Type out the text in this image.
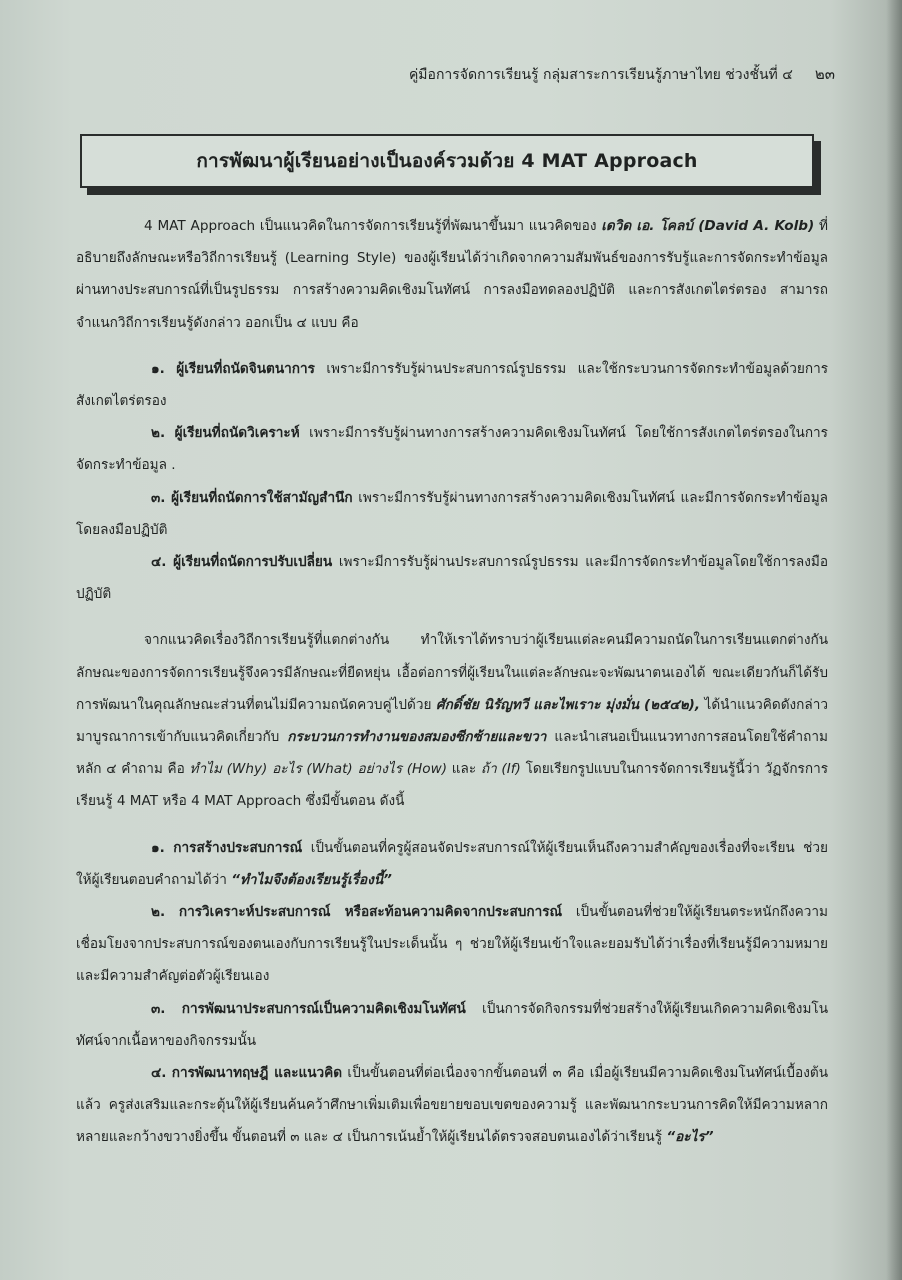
คู่มือการจัดการเรียนรู้ กลุ่มสาระการเรียนรู้ภาษาไทย ช่วงชั้นที่ ๔ ๒๓
การพัฒนาผู้เรียนอย่างเป็นองค์รวมด้วย 4 MAT Approach

4 MAT Approach เป็นแนวคิดในการจัดการเรียนรู้ที่พัฒนาขึ้นมา แนวคิดของ เดวิด เอ. โคลบ์ (David A. Kolb) ที่อธิบายถึงลักษณะหรือวิถีการเรียนรู้ (Learning Style) ของผู้เรียนได้ว่าเกิดจากความสัมพันธ์ของการรับรู้และการจัดกระทำข้อมูลผ่านทางประสบการณ์ที่เป็นรูปธรรม การสร้างความคิดเชิงมโนทัศน์ การลงมือทดลองปฏิบัติ และการสังเกตไตร่ตรอง สามารถจำแนกวิถีการเรียนรู้ดังกล่าว ออกเป็น ๔ แบบ คือ

๑. ผู้เรียนที่ถนัดจินตนาการ เพราะมีการรับรู้ผ่านประสบการณ์รูปธรรม และใช้กระบวนการจัดกระทำข้อมูลด้วยการสังเกตไตร่ตรอง

๒. ผู้เรียนที่ถนัดวิเคราะห์ เพราะมีการรับรู้ผ่านทางการสร้างความคิดเชิงมโนทัศน์ โดยใช้การสังเกตไตร่ตรองในการจัดกระทำข้อมูล .

๓. ผู้เรียนที่ถนัดการใช้สามัญสำนึก เพราะมีการรับรู้ผ่านทางการสร้างความคิดเชิงมโนทัศน์ และมีการจัดกระทำข้อมูลโดยลงมือปฏิบัติ

๔. ผู้เรียนที่ถนัดการปรับเปลี่ยน เพราะมีการรับรู้ผ่านประสบการณ์รูปธรรม และมีการจัดกระทำข้อมูลโดยใช้การลงมือปฏิบัติ

จากแนวคิดเรื่องวิถีการเรียนรู้ที่แตกต่างกัน ทำให้เราได้ทราบว่าผู้เรียนแต่ละคนมีความถนัดในการเรียนแตกต่างกัน ลักษณะของการจัดการเรียนรู้จึงควรมีลักษณะที่ยืดหยุ่น เอื้อต่อการที่ผู้เรียนในแต่ละลักษณะจะพัฒนาตนเองได้ ขณะเดียวกันก็ได้รับการพัฒนาในคุณลักษณะส่วนที่ตนไม่มีความถนัดควบคู่ไปด้วย ศักดิ์ชัย นิรัญทวี และไพเราะ มุ่งมั่น (๒๕๔๒), ได้นำแนวคิดดังกล่าวมาบูรณาการเข้ากับแนวคิดเกี่ยวกับ กระบวนการทำงานของสมองซีกซ้ายและขวา และนำเสนอเป็นแนวทางการสอนโดยใช้คำถามหลัก ๔ คำถาม คือ ทำไม (Why) อะไร (What) อย่างไร (How) และ ถ้า (If) โดยเรียกรูปแบบในการจัดการเรียนรู้นี้ว่า วัฏจักรการเรียนรู้ 4 MAT หรือ 4 MAT Approach ซึ่งมีขั้นตอน ดังนี้

๑. การสร้างประสบการณ์ เป็นขั้นตอนที่ครูผู้สอนจัดประสบการณ์ให้ผู้เรียนเห็นถึงความสำคัญของเรื่องที่จะเรียน ช่วยให้ผู้เรียนตอบคำถามได้ว่า “ทำไมจึงต้องเรียนรู้เรื่องนี้”

๒. การวิเคราะห์ประสบการณ์ หรือสะท้อนความคิดจากประสบการณ์ เป็นขั้นตอนที่ช่วยให้ผู้เรียนตระหนักถึงความเชื่อมโยงจากประสบการณ์ของตนเองกับการเรียนรู้ในประเด็นนั้น ๆ ช่วยให้ผู้เรียนเข้าใจและยอมรับได้ว่าเรื่องที่เรียนรู้มีความหมาย และมีความสำคัญต่อตัวผู้เรียนเอง

๓. การพัฒนาประสบการณ์เป็นความคิดเชิงมโนทัศน์ เป็นการจัดกิจกรรมที่ช่วยสร้างให้ผู้เรียนเกิดความคิดเชิงมโนทัศน์จากเนื้อหาของกิจกรรมนั้น

๔. การพัฒนาทฤษฎี และแนวคิด เป็นขั้นตอนที่ต่อเนื่องจากขั้นตอนที่ ๓ คือ เมื่อผู้เรียนมีความคิดเชิงมโนทัศน์เบื้องต้นแล้ว ครูส่งเสริมและกระตุ้นให้ผู้เรียนค้นคว้าศึกษาเพิ่มเติมเพื่อขยายขอบเขตของความรู้ และพัฒนากระบวนการคิดให้มีความหลากหลายและกว้างขวางยิ่งขึ้น ขั้นตอนที่ ๓ และ ๔ เป็นการเน้นย้ำให้ผู้เรียนได้ตรวจสอบตนเองได้ว่าเรียนรู้ “อะไร”
